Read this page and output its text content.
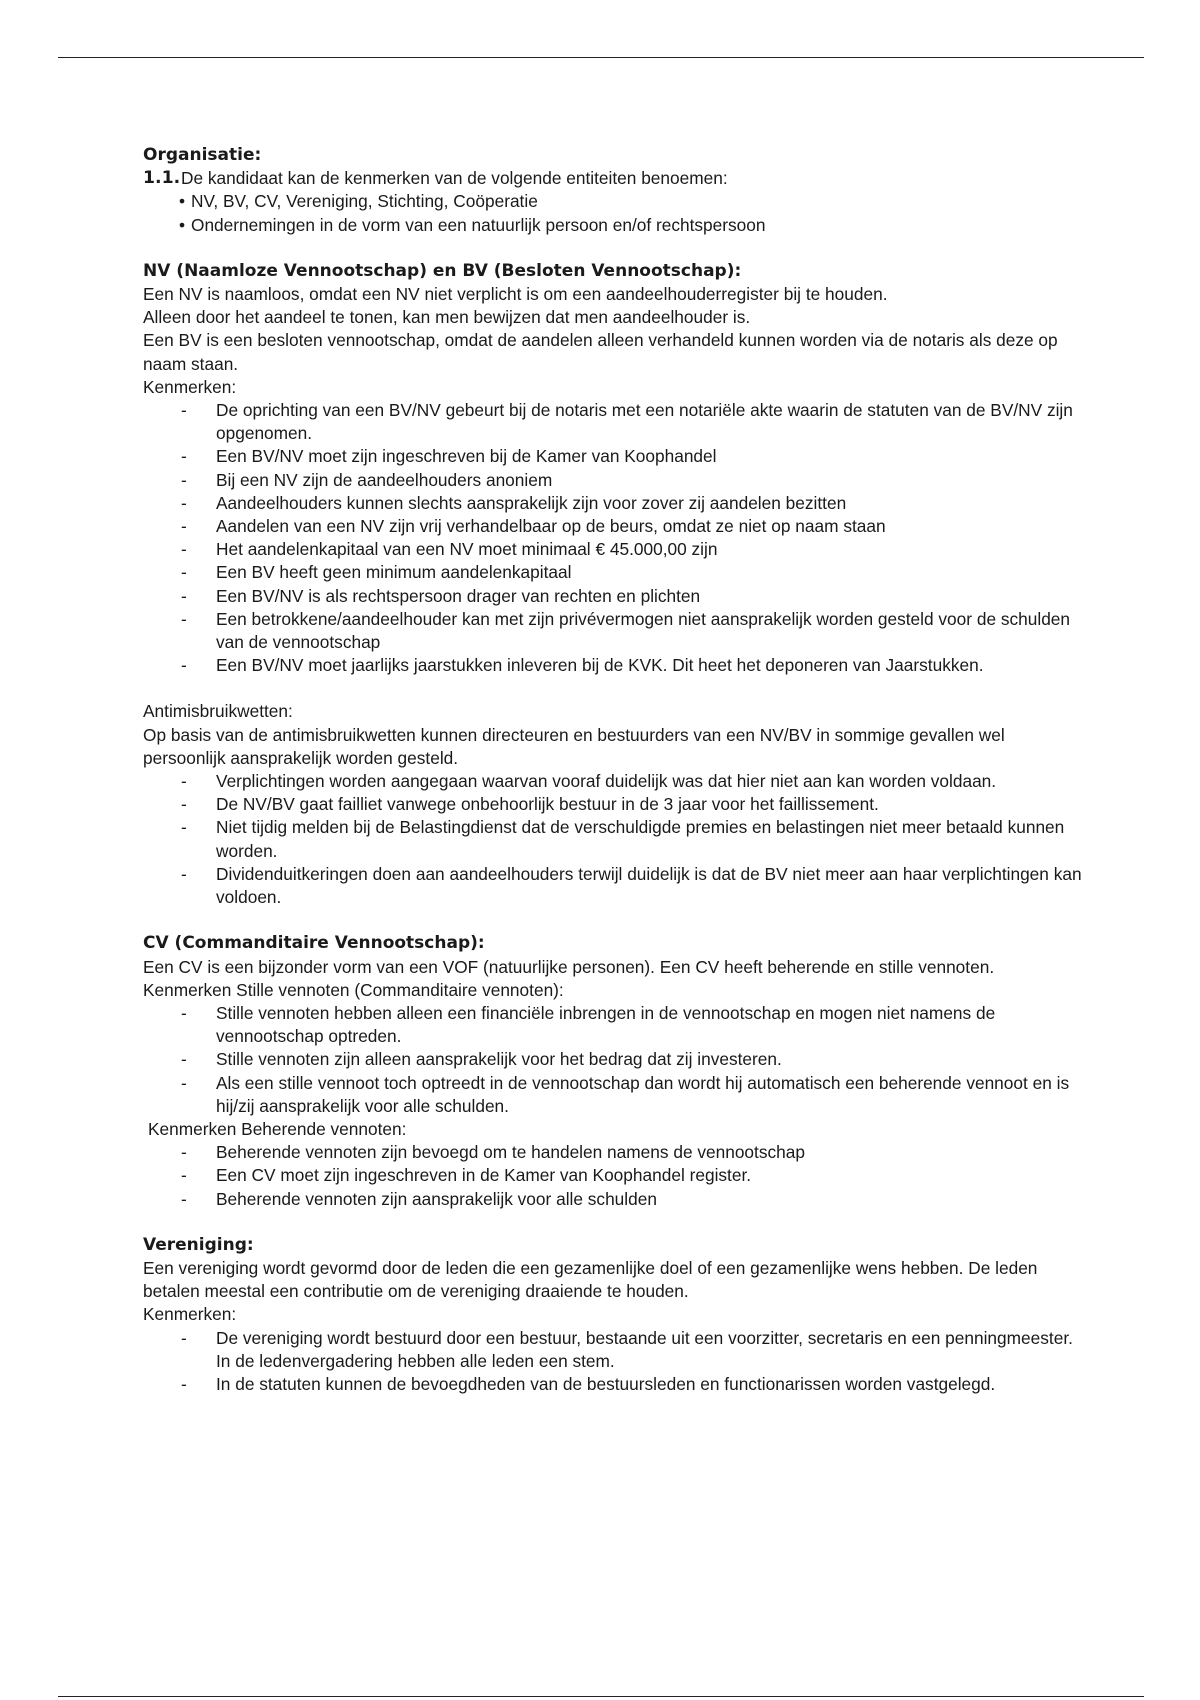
Organisatie:
1.1. De kandidaat kan de kenmerken van de volgende entiteiten benoemen:
• NV, BV, CV, Vereniging, Stichting, Coöperatie
• Ondernemingen in de vorm van een natuurlijk persoon en/of rechtspersoon
NV (Naamloze Vennootschap) en BV (Besloten Vennootschap):
Een NV is naamloos, omdat een NV niet verplicht is om een aandeelhouderregister bij te houden.
Alleen door het aandeel te tonen, kan men bewijzen dat men aandeelhouder is.
Een BV is een besloten vennootschap, omdat de aandelen alleen verhandeld kunnen worden via de notaris als deze op naam staan.
Kenmerken:
- De oprichting van een BV/NV gebeurt bij de notaris met een notariële akte waarin de statuten van de BV/NV zijn opgenomen.
- Een BV/NV moet zijn ingeschreven bij de Kamer van Koophandel
- Bij een NV zijn de aandeelhouders anoniem
- Aandeelhouders kunnen slechts aansprakelijk zijn voor zover zij aandelen bezitten
- Aandelen van een NV zijn vrij verhandelbaar op de beurs, omdat ze niet op naam staan
- Het aandelenkapitaal van een NV moet minimaal € 45.000,00 zijn
- Een BV heeft geen minimum aandelenkapitaal
- Een BV/NV is als rechtspersoon drager van rechten en plichten
- Een betrokkene/aandeelhouder kan met zijn privévermogen niet aansprakelijk worden gesteld voor de schulden van de vennootschap
- Een BV/NV moet jaarlijks jaarstukken inleveren bij de KVK. Dit heet het deponeren van Jaarstukken.
Antimisbruikwetten:
Op basis van de antimisbruikwetten kunnen directeuren en bestuurders van een NV/BV in sommige gevallen wel persoonlijk aansprakelijk worden gesteld.
- Verplichtingen worden aangegaan waarvan vooraf duidelijk was dat hier niet aan kan worden voldaan.
- De NV/BV gaat failliet vanwege onbehoorlijk bestuur in de 3 jaar voor het faillissement.
- Niet tijdig melden bij de Belastingdienst dat de verschuldigde premies en belastingen niet meer betaald kunnen worden.
- Dividenduitkeringen doen aan aandeelhouders terwijl duidelijk is dat de BV niet meer aan haar verplichtingen kan voldoen.
CV (Commanditaire Vennootschap):
Een CV is een bijzonder vorm van een VOF (natuurlijke personen). Een CV heeft beherende en stille vennoten.
Kenmerken Stille vennoten (Commanditaire vennoten):
- Stille vennoten hebben alleen een financiële inbrengen in de vennootschap en mogen niet namens de vennootschap optreden.
- Stille vennoten zijn alleen aansprakelijk voor het bedrag dat zij investeren.
- Als een stille vennoot toch optreedt in de vennootschap dan wordt hij automatisch een beherende vennoot en is hij/zij aansprakelijk voor alle schulden.
Kenmerken Beherende vennoten:
- Beherende vennoten zijn bevoegd om te handelen namens de vennootschap
- Een CV moet zijn ingeschreven in de Kamer van Koophandel register.
- Beherende vennoten zijn aansprakelijk voor alle schulden
Vereniging:
Een vereniging wordt gevormd door de leden die een gezamenlijke doel of een gezamenlijke wens hebben. De leden betalen meestal een contributie om de vereniging draaiende te houden.
Kenmerken:
- De vereniging wordt bestuurd door een bestuur, bestaande uit een voorzitter, secretaris en een penningmeester. In de ledenvergadering hebben alle leden een stem.
- In de statuten kunnen de bevoegdheden van de bestuursleden en functionarissen worden vastgelegd.
